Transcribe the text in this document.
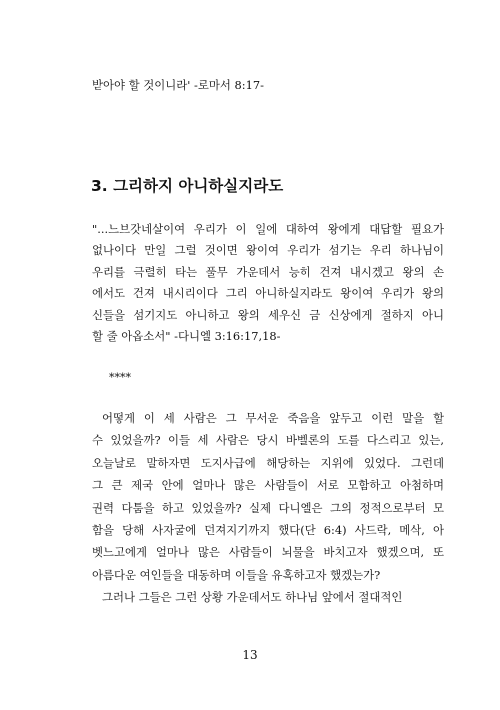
받아야 할 것이니라' -로마서 8:17-
3. 그리하지 아니하실지라도
"...느브갓네살이여 우리가 이 일에 대하여 왕에게 대답할 필요가
없나이다 만일 그럴 것이면 왕이여 우리가 섬기는 우리 하나님이
우리를 극렬히 타는 풀무 가운데서 능히 건져 내시겠고 왕의 손
에서도 건져 내시리이다 그리 아니하실지라도 왕이여 우리가 왕의
신들을 섬기지도 아니하고 왕의 세우신 금 신상에게 절하지 아니
할 줄 아옵소서" -다니엘 3:16:17,18-
****
어떻게 이 세 사람은 그 무서운 죽음을 앞두고 이런 말을 할
수 있었을까? 이들 세 사람은 당시 바벨론의 도를 다스리고 있는,
오늘날로 말하자면 도지사급에 해당하는 지위에 있었다. 그런데
그 큰 제국 안에 얼마나 많은 사람들이 서로 모함하고 아첨하며
권력 다툼을 하고 있었을까? 실제 다니엘은 그의 정적으로부터 모
함을 당해 사자굴에 던져지기까지 했다(단 6:4) 사드락, 메삭, 아
벳느고에게 얼마나 많은 사람들이 뇌물을 바치고자 했겠으며, 또
아름다운 여인들을 대동하며 이들을 유혹하고자 했겠는가?
그러나 그들은 그런 상황 가운데서도 하나님 앞에서 절대적인
13
